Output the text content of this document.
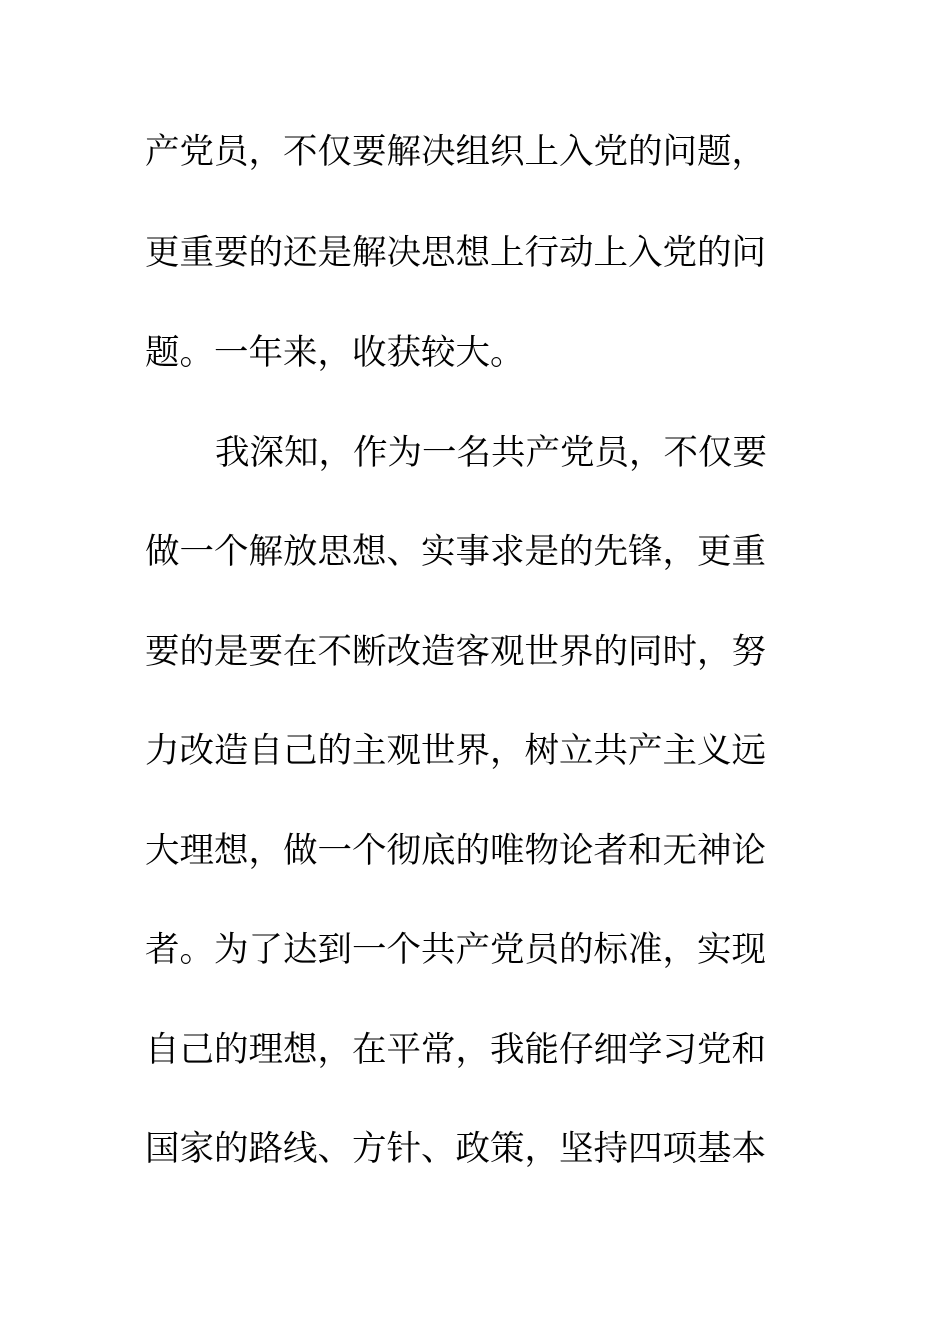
产党员，不仅要解决组织上入党的问题，
更重要的还是解决思想上行动上入党的问
题。一年来，收获较大。
我深知，作为一名共产党员，不仅要
做一个解放思想、实事求是的先锋，更重
要的是要在不断改造客观世界的同时，努
力改造自己的主观世界，树立共产主义远
大理想，做一个彻底的唯物论者和无神论
者。为了达到一个共产党员的标准，实现
自己的理想，在平常，我能仔细学习党和
国家的路线、方针、政策，坚持四项基本
